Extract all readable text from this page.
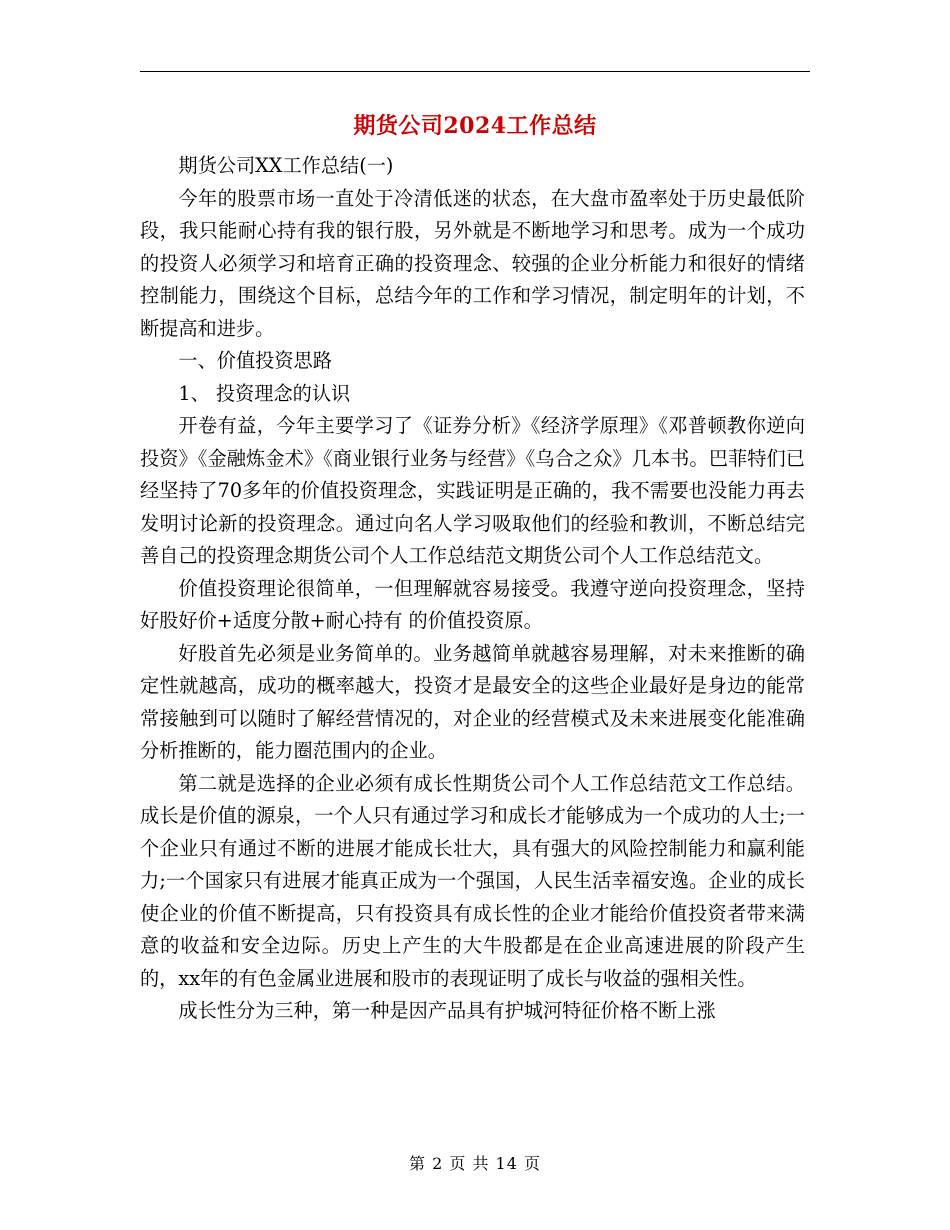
期货公司2024工作总结

期货公司XX工作总结(一)

今年的股票市场一直处于冷清低迷的状态，在大盘市盈率处于历史最低阶段，我只能耐心持有我的银行股，另外就是不断地学习和思考。成为一个成功的投资人必须学习和培育正确的投资理念、较强的企业分析能力和很好的情绪控制能力，围绕这个目标，总结今年的工作和学习情况，制定明年的计划，不断提高和进步。

一、价值投资思路

1、 投资理念的认识

开卷有益，今年主要学习了《证券分析》《经济学原理》《邓普顿教你逆向投资》《金融炼金术》《商业银行业务与经营》《乌合之众》几本书。巴菲特们已经坚持了70多年的价值投资理念，实践证明是正确的，我不需要也没能力再去发明讨论新的投资理念。通过向名人学习吸取他们的经验和教训，不断总结完善自己的投资理念期货公司个人工作总结范文期货公司个人工作总结范文。

价值投资理论很简单，一但理解就容易接受。我遵守逆向投资理念，坚持 好股好价+适度分散+耐心持有 的价值投资原。

好股首先必须是业务简单的。业务越简单就越容易理解，对未来推断的确定性就越高，成功的概率越大，投资才是最安全的这些企业最好是身边的能常常接触到可以随时了解经营情况的，对企业的经营模式及未来进展变化能准确分析推断的，能力圈范围内的企业。

第二就是选择的企业必须有成长性期货公司个人工作总结范文工作总结。成长是价值的源泉，一个人只有通过学习和成长才能够成为一个成功的人士;一个企业只有通过不断的进展才能成长壮大，具有强大的风险控制能力和赢利能力;一个国家只有进展才能真正成为一个强国，人民生活幸福安逸。企业的成长使企业的价值不断提高，只有投资具有成长性的企业才能给价值投资者带来满意的收益和安全边际。历史上产生的大牛股都是在企业高速进展的阶段产生的，xx年的有色金属业进展和股市的表现证明了成长与收益的强相关性。

成长性分为三种，第一种是因产品具有护城河特征价格不断上涨

第 2 页 共 14 页
